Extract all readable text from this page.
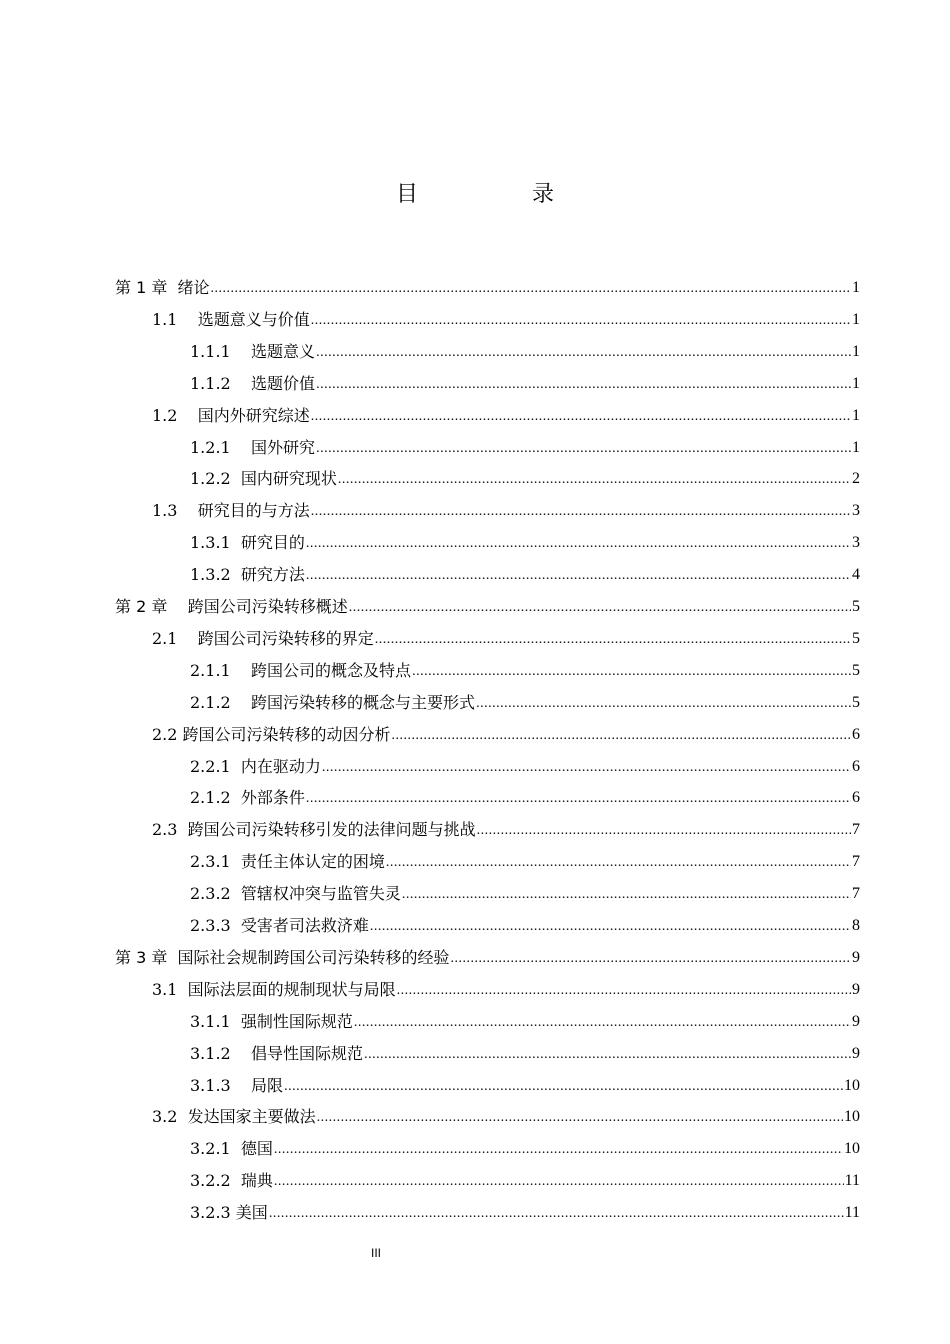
目　录
第 1 章  绪论 .....	1
1.1    选题意义与价值 .....	1
1.1.1    选题意义 .....	1
1.1.2    选题价值 .....	1
1.2    国内外研究综述 .....	1
1.2.1    国外研究 .....	1
1.2.2  国内研究现状 .....	2
1.3    研究目的与方法 .....	3
1.3.1  研究目的 .....	3
1.3.2  研究方法 .....	4
第 2 章    跨国公司污染转移概述 .....	5
2.1    跨国公司污染转移的界定 .....	5
2.1.1    跨国公司的概念及特点 .....	5
2.1.2    跨国污染转移的概念与主要形式 .....	5
2.2 跨国公司污染转移的动因分析 .....	6
2.2.1  内在驱动力 .....	6
2.1.2  外部条件 .....	6
2.3  跨国公司污染转移引发的法律问题与挑战 .....	7
2.3.1  责任主体认定的困境 .....	7
2.3.2  管辖权冲突与监管失灵 .....	7
2.3.3  受害者司法救济难 .....	8
第 3 章  国际社会规制跨国公司污染转移的经验 .....	9
3.1  国际法层面的规制现状与局限 .....	9
3.1.1  强制性国际规范 .....	9
3.1.2    倡导性国际规范 .....	9
3.1.3    局限 .....	10
3.2  发达国家主要做法 .....	10
3.2.1  德国 .....	10
3.2.2  瑞典 .....	11
3.2.3 美国 .....	11
III
